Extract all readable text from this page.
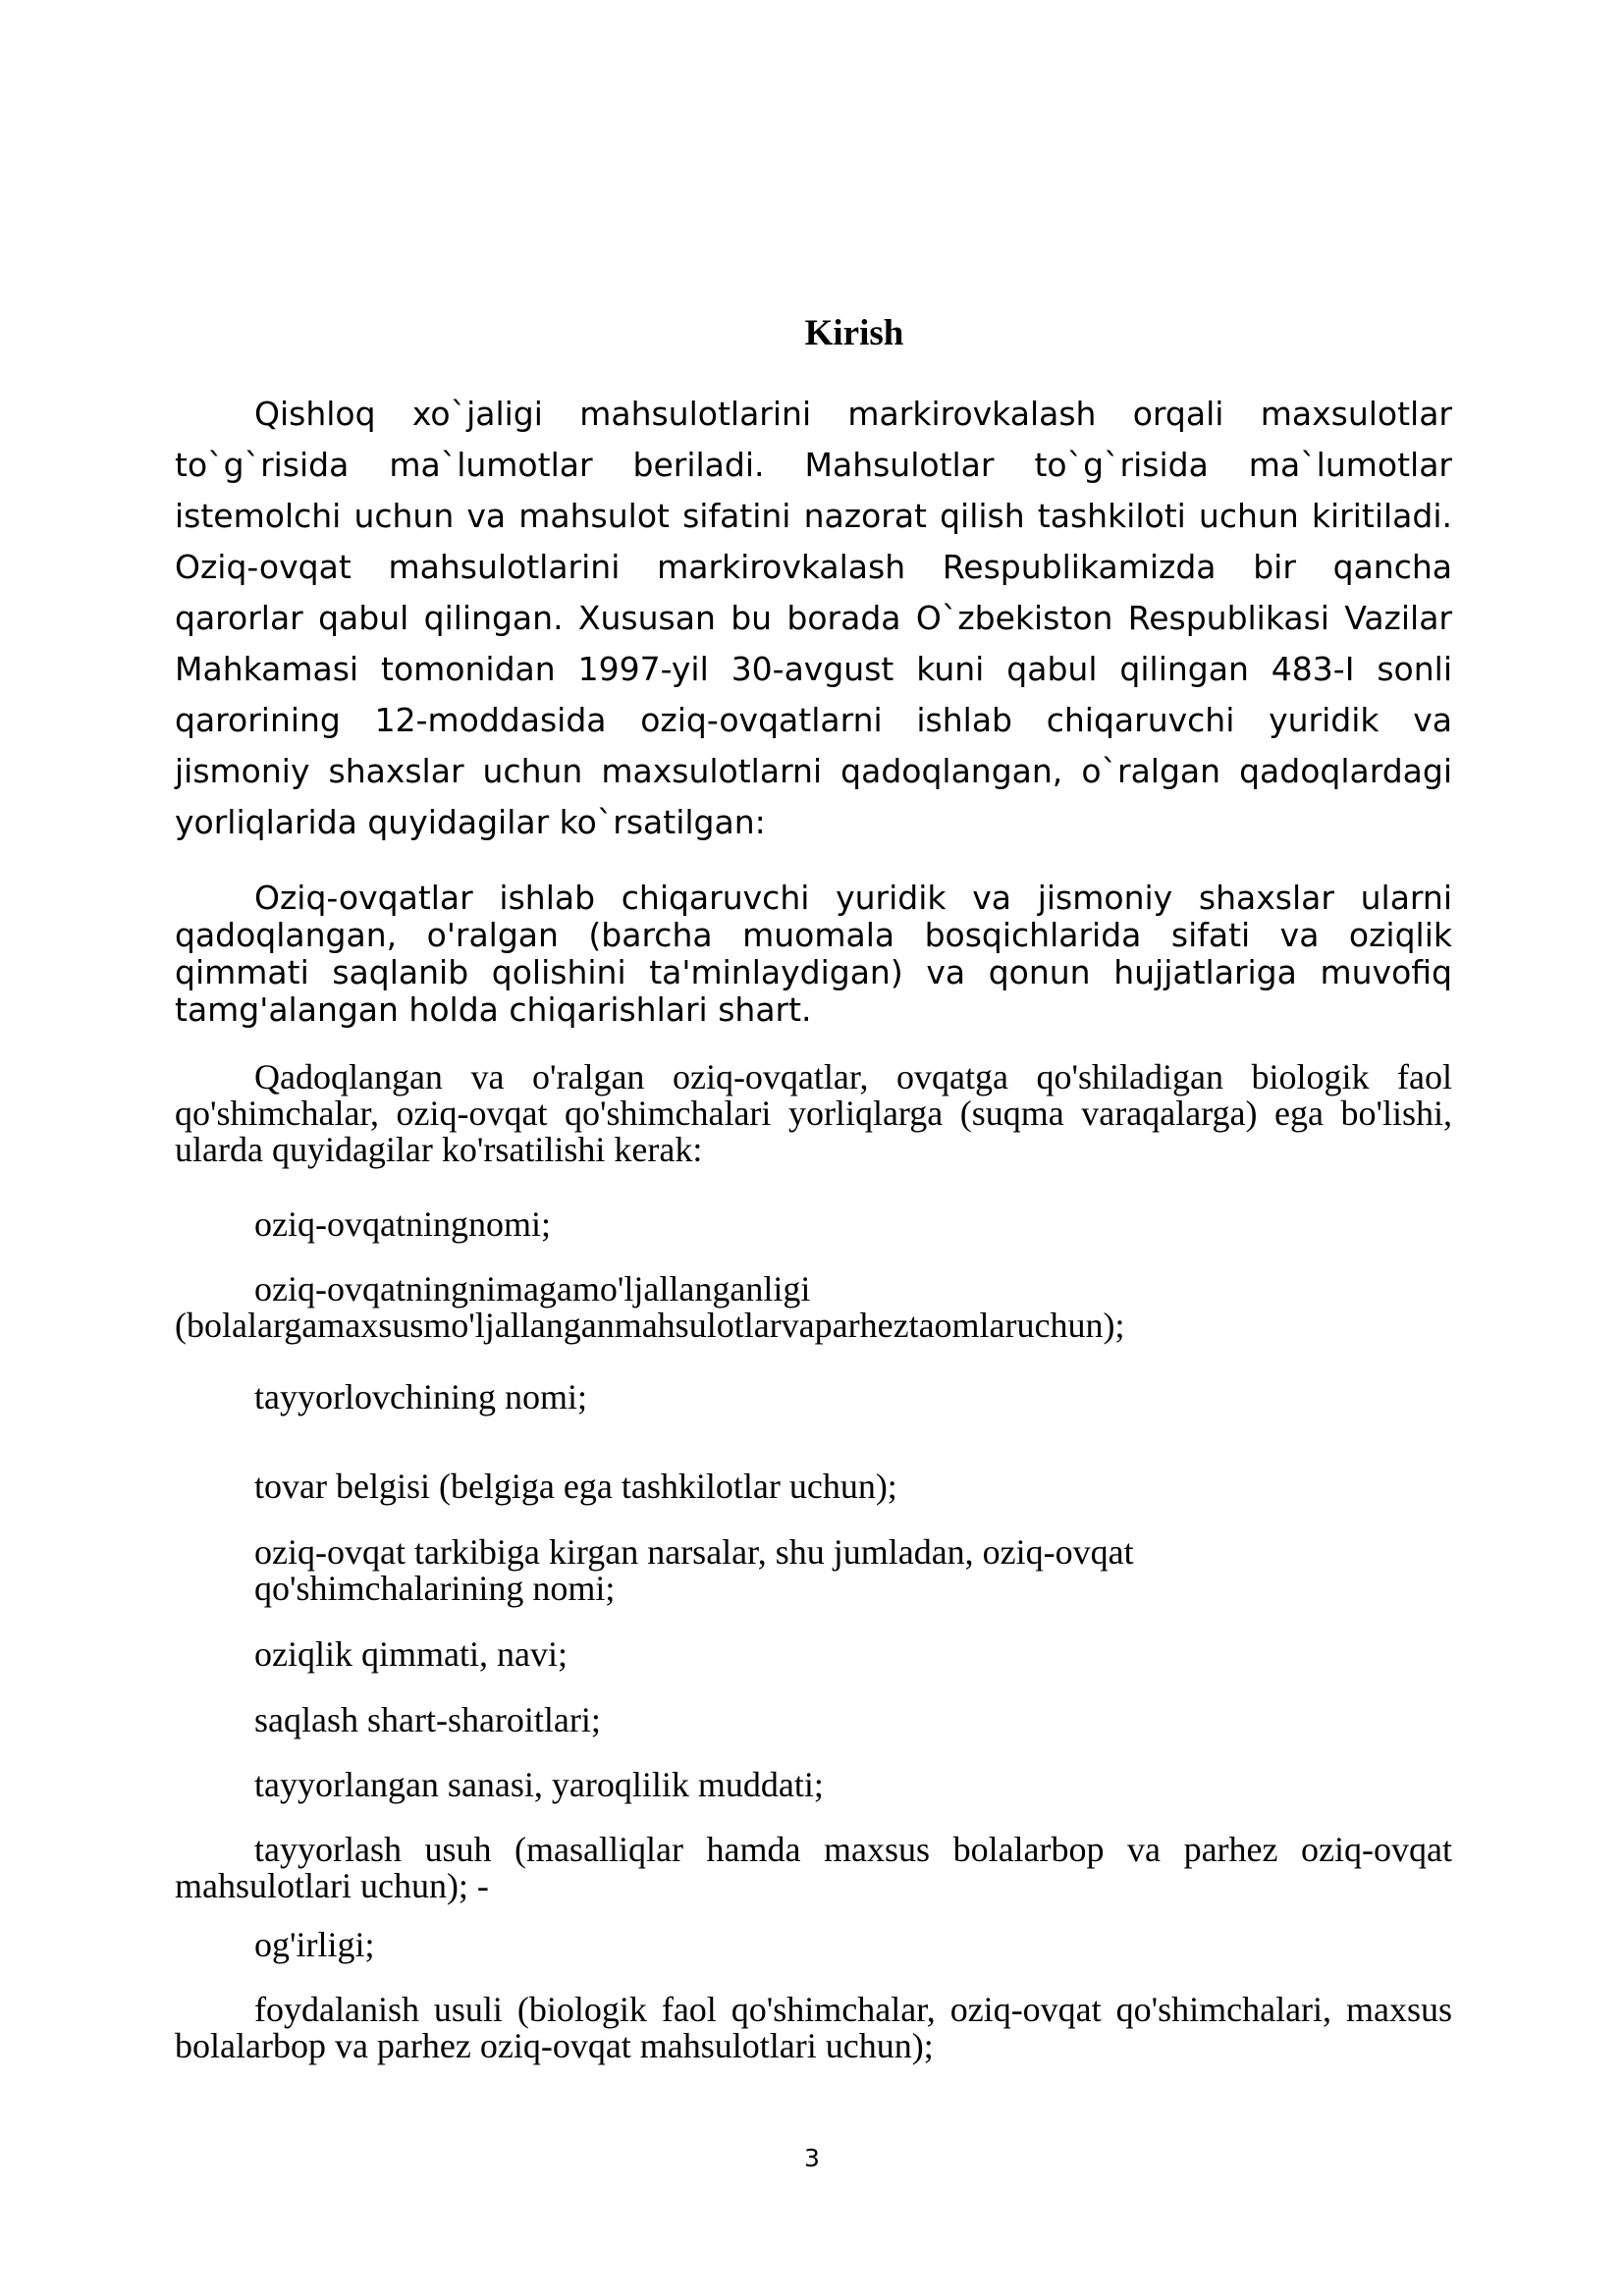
Kirish

Qishloq xo`jaligi mahsulotlarini markirovkalash orqali maxsulotlar to`g`risida ma`lumotlar beriladi. Mahsulotlar to`g`risida ma`lumotlar istemolchi uchun va mahsulot sifatini nazorat qilish tashkiloti uchun kiritiladi. Oziq-ovqat mahsulotlarini markirovkalash Respublikamizda bir qancha qarorlar qabul qilingan. Xususan bu borada O`zbekiston Respublikasi Vazilar Mahkamasi tomonidan 1997-yil 30-avgust kuni qabul qilingan 483-I sonli qarorining 12-moddasida oziq-ovqatlarni ishlab chiqaruvchi yuridik va jismoniy shaxslar uchun maxsulotlarni qadoqlangan, o`ralgan qadoqlardagi yorliqlarida quyidagilar ko`rsatilgan:

Oziq-ovqatlar ishlab chiqaruvchi yuridik va jismoniy shaxslar ularni qadoqlangan, o'ralgan (barcha muomala bosqichlarida sifati va oziqlik qimmati saqlanib qolishini ta'minlaydigan) va qonun hujjatlariga muvofiq tamg'alangan holda chiqarishlari shart.

Qadoqlangan va o'ralgan oziq-ovqatlar, ovqatga qo'shiladigan biologik faol qo'shimchalar, oziq-ovqat qo'shimchalari yorliqlarga (suqma varaqalarga) ega bo'lishi, ularda quyidagilar ko'rsatilishi kerak:

oziq-ovqatningnomi;

oziq-ovqatningnimagamo'ljallanganligi

(bolalargamaxsusmo'ljallanganmahsulotlarvaparheztaomlaruchun);

tayyorlovchining nomi;

tovar belgisi (belgiga ega tashkilotlar uchun);

oziq-ovqat tarkibiga kirgan narsalar, shu jumladan, oziq-ovqat

qo'shimchalarining nomi;

oziqlik qimmati, navi;

saqlash shart-sharoitlari;

tayyorlangan sanasi, yaroqlilik muddati;

tayyorlash usuh (masalliqlar hamda maxsus bolalarbop va parhez oziq-ovqat mahsulotlari uchun); -

og'irligi;

foydalanish usuli (biologik faol qo'shimchalar, oziq-ovqat qo'shimchalari, maxsus bolalarbop va parhez oziq-ovqat mahsulotlari uchun);

3
